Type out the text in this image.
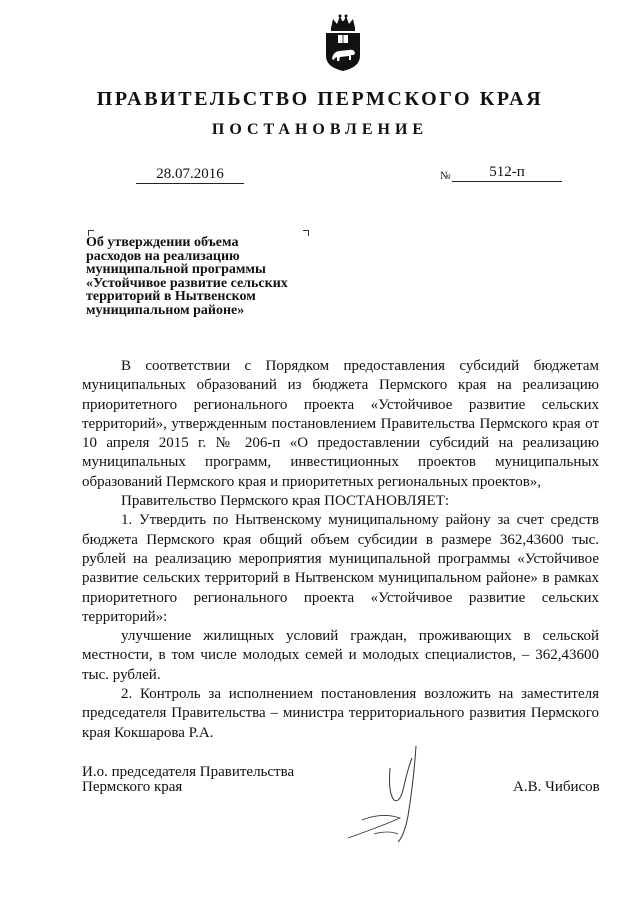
ПРАВИТЕЛЬСТВО ПЕРМСКОГО КРАЯ
ПОСТАНОВЛЕНИЕ
28.07.2016	№	512-п
Об утверждении объема
расходов на реализацию
муниципальной программы
«Устойчивое развитие сельских
территорий в Нытвенском
муниципальном районе»

В соответствии с Порядком предоставления субсидий бюджетам муниципальных образований из бюджета Пермского края на реализацию приоритетного регионального проекта «Устойчивое развитие сельских территорий», утвержденным постановлением Правительства Пермского края от 10 апреля 2015 г. № 206-п «О предоставлении субсидий на реализацию муниципальных программ, инвестиционных проектов муниципальных образований Пермского края и приоритетных региональных проектов»,

Правительство Пермского края ПОСТАНОВЛЯЕТ:

1. Утвердить по Нытвенскому муниципальному району за счет средств бюджета Пермского края общий объем субсидии в размере 362,43600 тыс. рублей на реализацию мероприятия муниципальной программы «Устойчивое развитие сельских территорий в Нытвенском муниципальном районе» в рамках приоритетного регионального проекта «Устойчивое развитие сельских территорий»:

улучшение жилищных условий граждан, проживающих в сельской местности, в том числе молодых семей и молодых специалистов, – 362,43600 тыс. рублей.

2. Контроль за исполнением постановления возложить на заместителя председателя Правительства – министра территориального развития Пермского края Кокшарова Р.А.

И.о. председателя Правительства
Пермского края	А.В. Чибисов
